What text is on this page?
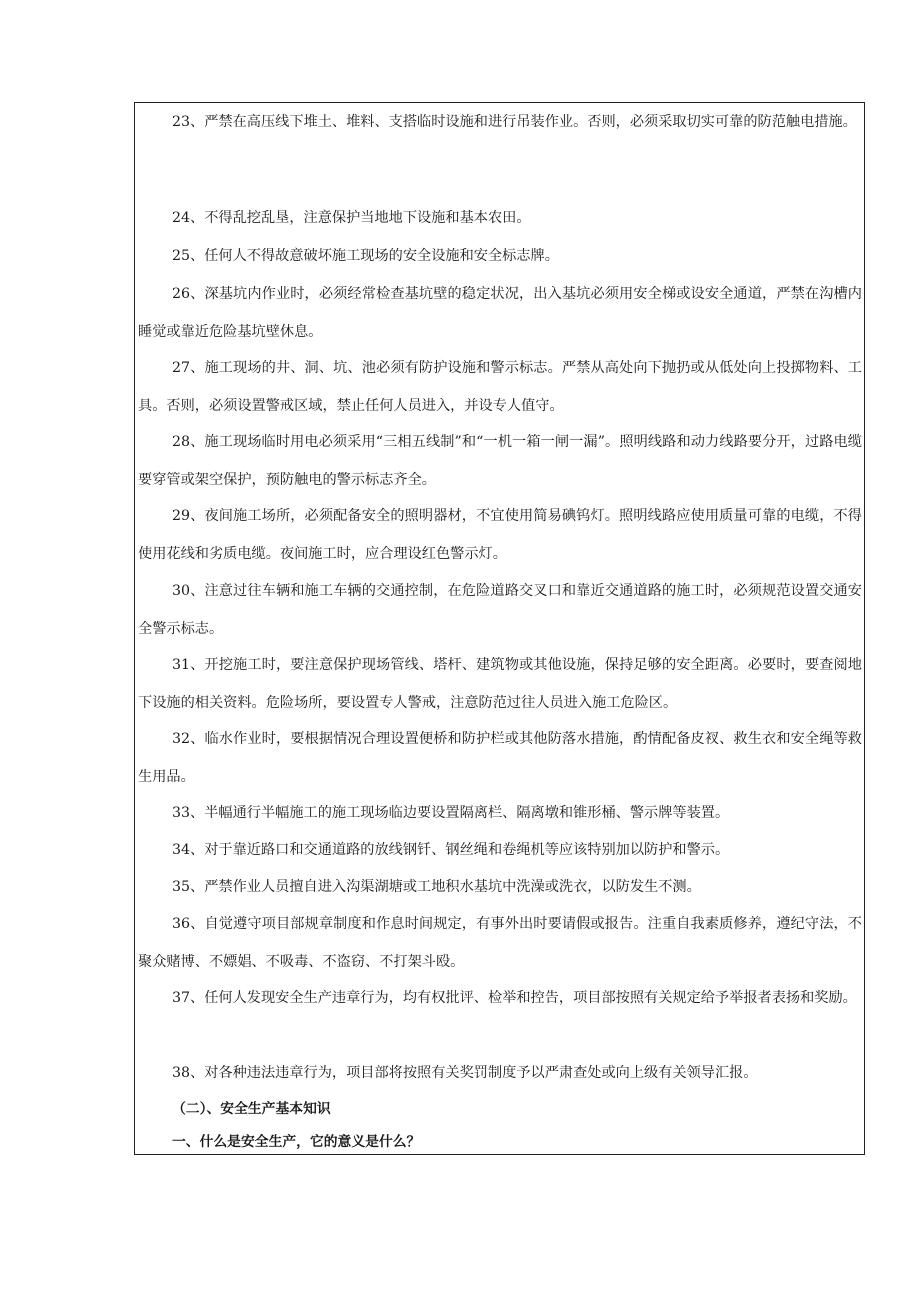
23、严禁在高压线下堆土、堆料、支搭临时设施和进行吊装作业。否则，必须采取切实可靠的防范触电措施。

24、不得乱挖乱垦，注意保护当地地下设施和基本农田。

25、任何人不得故意破坏施工现场的安全设施和安全标志牌。

26、深基坑内作业时，必须经常检查基坑壁的稳定状况，出入基坑必须用安全梯或设安全通道，严禁在沟槽内睡觉或靠近危险基坑壁休息。

27、施工现场的井、洞、坑、池必须有防护设施和警示标志。严禁从高处向下抛扔或从低处向上投掷物料、工具。否则，必须设置警戒区域，禁止任何人员进入，并设专人值守。

28、施工现场临时用电必须采用“三相五线制”和“一机一箱一闸一漏”。照明线路和动力线路要分开，过路电缆要穿管或架空保护，预防触电的警示标志齐全。

29、夜间施工场所，必须配备安全的照明器材，不宜使用简易碘钨灯。照明线路应使用质量可靠的电缆，不得使用花线和劣质电缆。夜间施工时，应合理设红色警示灯。

30、注意过往车辆和施工车辆的交通控制，在危险道路交叉口和靠近交通道路的施工时，必须规范设置交通安全警示标志。

31、开挖施工时，要注意保护现场管线、塔杆、建筑物或其他设施，保持足够的安全距离。必要时，要查阅地下设施的相关资料。危险场所，要设置专人警戒，注意防范过往人员进入施工危险区。

32、临水作业时，要根据情况合理设置便桥和防护栏或其他防落水措施，酌情配备皮衩、救生衣和安全绳等救生用品。

33、半幅通行半幅施工的施工现场临边要设置隔离栏、隔离墩和锥形桶、警示牌等装置。

34、对于靠近路口和交通道路的放线钢钎、钢丝绳和卷绳机等应该特别加以防护和警示。

35、严禁作业人员擅自进入沟渠湖塘或工地积水基坑中洗澡或洗衣，以防发生不测。

36、自觉遵守项目部规章制度和作息时间规定，有事外出时要请假或报告。注重自我素质修养，遵纪守法，不聚众赌博、不嫖娼、不吸毒、不盗窃、不打架斗殴。

37、任何人发现安全生产违章行为，均有权批评、检举和控告，项目部按照有关规定给予举报者表扬和奖励。

38、对各种违法违章行为，项目部将按照有关奖罚制度予以严肃查处或向上级有关领导汇报。

（二）、安全生产基本知识

一、什么是安全生产，它的意义是什么？
